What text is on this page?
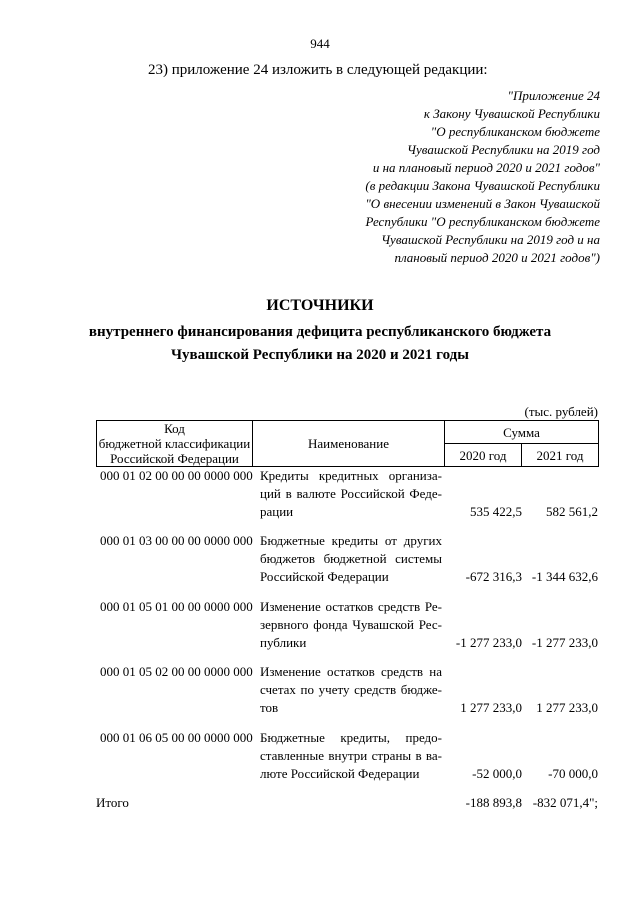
944
23) приложение 24 изложить в следующей редакции:
"Приложение 24
к Закону Чувашской Республики
"О республиканском бюджете
Чувашской Республики на 2019 год
и на плановый период 2020 и 2021 годов"
(в редакции Закона Чувашской Республики
"О внесении изменений в Закон Чувашской
Республики "О республиканском бюджете
Чувашской Республики на 2019 год и на
плановый период 2020 и 2021 годов")
ИСТОЧНИКИ
внутреннего финансирования дефицита республиканского бюджета
Чувашской Республики на 2020 и 2021 годы
(тыс. рублей)
Код
бюджетной классификации
Российской Федерации	Наименование	Сумма	
		2020 год	2021 год
000 01 02 00 00 00 0000 000 Кредиты кредитных организа-
ций в валюте Российской Феде-
рации	535 422,5	582 561,2
000 01 03 00 00 00 0000 000 Бюджетные кредиты от других
бюджетов бюджетной системы
Российской Федерации	-672 316,3 -1 344 632,6
000 01 05 01 00 00 0000 000 Изменение остатков средств Ре-
зервного фонда Чувашской Рес-
публики	-1 277 233,0 -1 277 233,0
000 01 05 02 00 00 0000 000 Изменение остатков средств на
счетах по учету средств бюдже-
тов	1 277 233,0	1 277 233,0
000 01 06 05 00 00 0000 000 Бюджетные кредиты, предо-
ставленные внутри страны в ва-
люте Российской Федерации	-52 000,0	-70 000,0
Итого	-188 893,8 -832 071,4";
